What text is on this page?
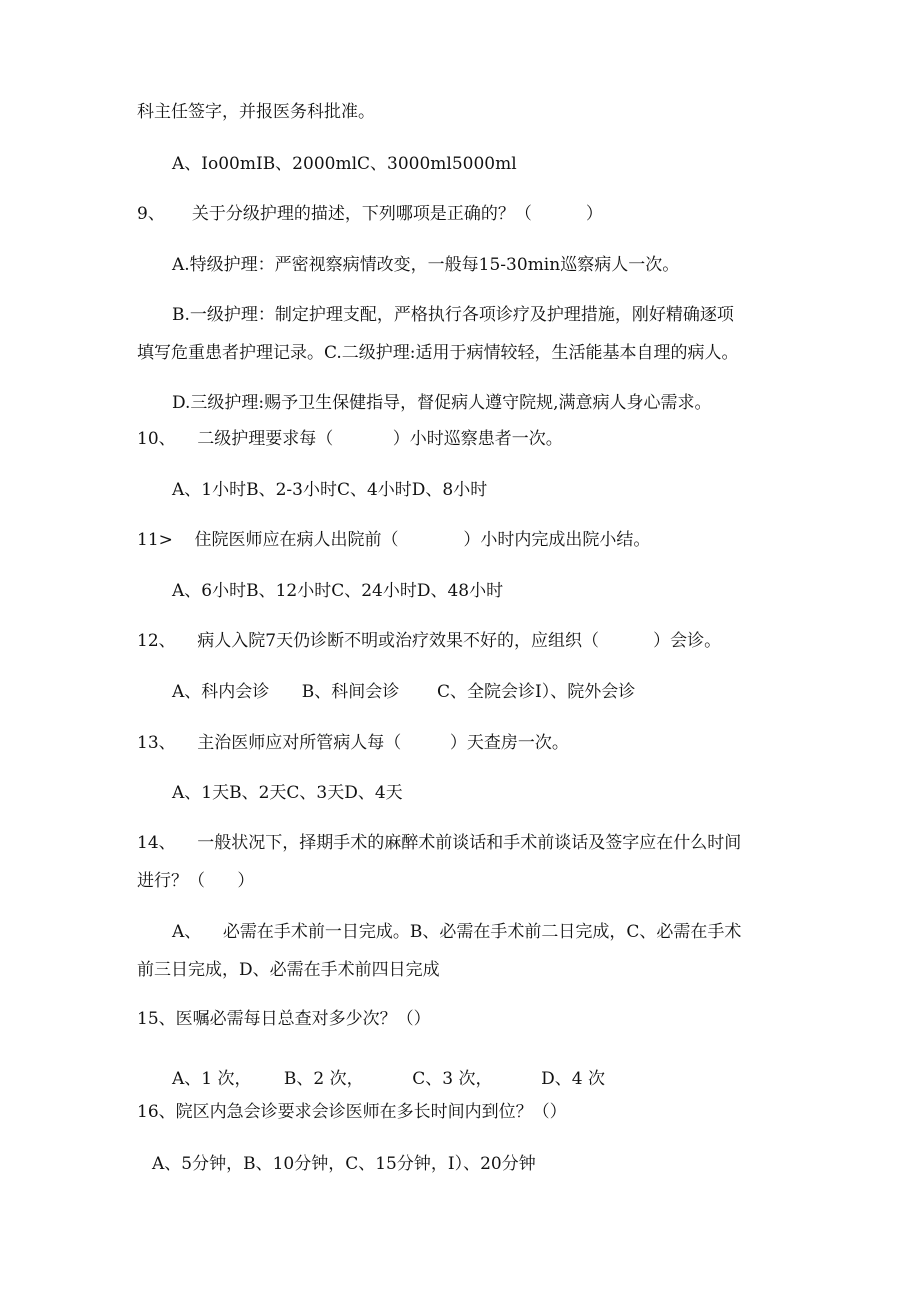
科主任签字，并报医务科批准。
A、Io00mIB、2000mlC、3000ml5000ml
9、     关于分级护理的描述，下列哪项是正确的？（          ）
A.特级护理：严密视察病情改变，一般每15-30min巡察病人一次。
B.一级护理：制定护理支配，严格执行各项诊疗及护理措施，刚好精确逐项
填写危重患者护理记录。C.二级护理:适用于病情较轻，生活能基本自理的病人。
D.三级护理:赐予卫生保健指导，督促病人遵守院规,满意病人身心需求。
10、    二级护理要求每（           ）小时巡察患者一次。
A、1小时B、2-3小时C、4小时D、8小时
11>    住院医师应在病人出院前（            ）小时内完成出院小结。
A、6小时B、12小时C、24小时D、48小时
12、    病人入院7天仍诊断不明或治疗效果不好的，应组织（          ）会诊。
A、科内会诊      B、科间会诊       C、全院会诊I）、院外会诊
13、    主治医师应对所管病人每（         ）天查房一次。
A、1天B、2天C、3天D、4天
14、    一般状况下，择期手术的麻醉术前谈话和手术前谈话及签字应在什么时间
进行？（      ）
A、    必需在手术前一日完成。B、必需在手术前二日完成，C、必需在手术
前三日完成，D、必需在手术前四日完成
15、医嘱必需每日总查对多少次？（）
A、1 次，      B、2 次，         C、3 次，         D、4 次
16、院区内急会诊要求会诊医师在多长时间内到位？（）
A、5分钟，B、10分钟，C、15分钟，I）、20分钟
